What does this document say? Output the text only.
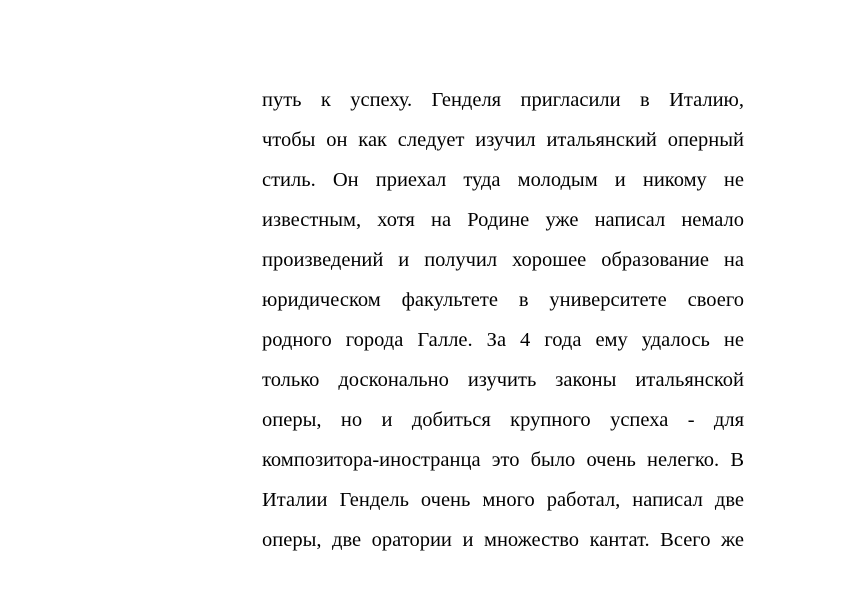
путь к успеху. Генделя пригласили в Италию,
чтобы он как следует изучил итальянский оперный
стиль. Он приехал туда молодым и никому не
известным, хотя на Родине уже написал немало
произведений и получил хорошее образование на
юридическом факультете в университете своего
родного города Галле. За 4 года ему удалось не
только досконально изучить законы итальянской
оперы, но и добиться крупного успеха - для
композитора-иностранца это было очень нелегко. В
Италии Гендель очень много работал, написал две
оперы, две оратории и множество кантат. Всего же
